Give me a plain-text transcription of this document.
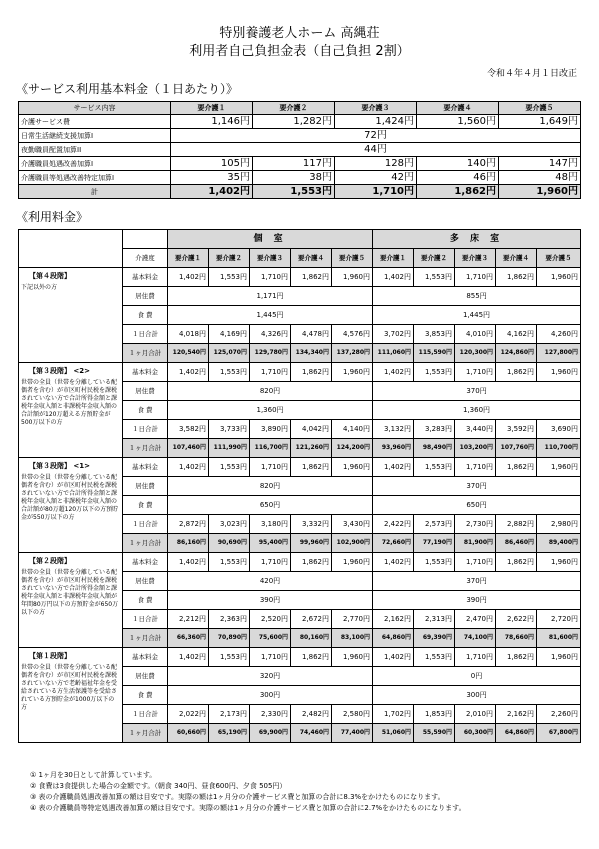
特別養護老人ホーム 高縄荘
利用者自己負担金表（自己負担 2割）
令和４年４月１日改正
《サービス利用基本料金（１日あたり）》
サービス内容	要介護１	要介護２	要介護３	要介護４	要介護５
介護サービス費	1,146円	1,282円	1,424円	1,560円	1,649円
日常生活継続支援加算Ⅰ	72円				
夜勤職員配置加算ⅠⅠ	44円				
介護職員処遇改善加算Ⅰ	105円	117円	128円	140円	147円
介護職員等処遇改善特定加算Ⅰ	35円	38円	42円	46円	48円
計	1,402円	1,553円	1,710円	1,862円	1,960円
《利用料金》
		個 室					多 床 室				
	介護度	要介護１	要介護２	要介護３	要介護４	要介護５	要介護１	要介護２	要介護３	要介護４	要介護５

【第４段階】
下記以外の方	基本料金	1,402円	1,553円	1,710円	1,862円	1,960円	1,402円	1,553円	1,710円	1,862円	1,960円
	居住費	1,171円					855円				
	食 費	1,445円					1,445円				
	１日合計	4,018円	4,169円	4,326円	4,478円	4,576円	3,702円	3,853円	4,010円	4,162円	4,260円
	１ヶ月合計	120,540円	125,070円	129,780円	134,340円	137,280円	111,060円	115,590円	120,300円	124,860円	127,800円

【第３段階】 <2>
世帯の全員（世帯を分離している配偶者を含む）が市区町村民税を課税されていない方で合計所得金額と課税年金収入額と非課税年金収入額の合計額が120万超える方預貯金が500万以下の方	基本料金	1,402円	1,553円	1,710円	1,862円	1,960円	1,402円	1,553円	1,710円	1,862円	1,960円
	居住費	820円					370円				
	食 費	1,360円					1,360円				
	１日合計	3,582円	3,733円	3,890円	4,042円	4,140円	3,132円	3,283円	3,440円	3,592円	3,690円
	１ヶ月合計	107,460円	111,990円	116,700円	121,260円	124,200円	93,960円	98,490円	103,200円	107,760円	110,700円

【第３段階】 <1>
世帯の全員（世帯を分離している配偶者を含む）が市区町村民税を課税されていない方で合計所得金額と課税年金収入額と非課税年金収入額の合計額が80万超120万以下の方預貯金が550万以下の方	基本料金	1,402円	1,553円	1,710円	1,862円	1,960円	1,402円	1,553円	1,710円	1,862円	1,960円
	居住費	820円					370円				
	食 費	650円					650円				
	１日合計	2,872円	3,023円	3,180円	3,332円	3,430円	2,422円	2,573円	2,730円	2,882円	2,980円
	１ヶ月合計	86,160円	90,690円	95,400円	99,960円	102,900円	72,660円	77,190円	81,900円	86,460円	89,400円

【第２段階】
世帯の全員（世帯を分離している配偶者を含む）が市区町村民税を課税されていない方で合計所得金額と課税年金収入額と非課税年金収入額が年間80万円以下の方預貯金が650万以下の方	基本料金	1,402円	1,553円	1,710円	1,862円	1,960円	1,402円	1,553円	1,710円	1,862円	1,960円
	居住費	420円					370円				
	食 費	390円					390円				
	１日合計	2,212円	2,363円	2,520円	2,672円	2,770円	2,162円	2,313円	2,470円	2,622円	2,720円
	１ヶ月合計	66,360円	70,890円	75,600円	80,160円	83,100円	64,860円	69,390円	74,100円	78,660円	81,600円

【第１段階】
世帯の全員（世帯を分離している配偶者を含む）が市区町村民税を課税されていない方で老齢福祉年金を受給されている方生活保護等を受給されている方預貯金が1000万以下の方	基本料金	1,402円	1,553円	1,710円	1,862円	1,960円	1,402円	1,553円	1,710円	1,862円	1,960円
	居住費	320円					0円				
	食 費	300円					300円				
	１日合計	2,022円	2,173円	2,330円	2,482円	2,580円	1,702円	1,853円	2,010円	2,162円	2,260円
	１ヶ月合計	60,660円	65,190円	69,900円	74,460円	77,400円	51,060円	55,590円	60,300円	64,860円	67,800円
① 1ヶ月を30日として計算しています。
② 食費は3食提供した場合の金額です。（朝食 340円、昼食600円、夕食 505円）
③ 表の介護職員処遇改善加算の額は目安です。実際の額は1ヶ月分の介護サービス費と加算の合計に8.3%をかけたものになります。
④ 表の介護職員等特定処遇改善加算の額は目安です。実際の額は1ヶ月分の介護サービス費と加算の合計に2.7%をかけたものになります。
